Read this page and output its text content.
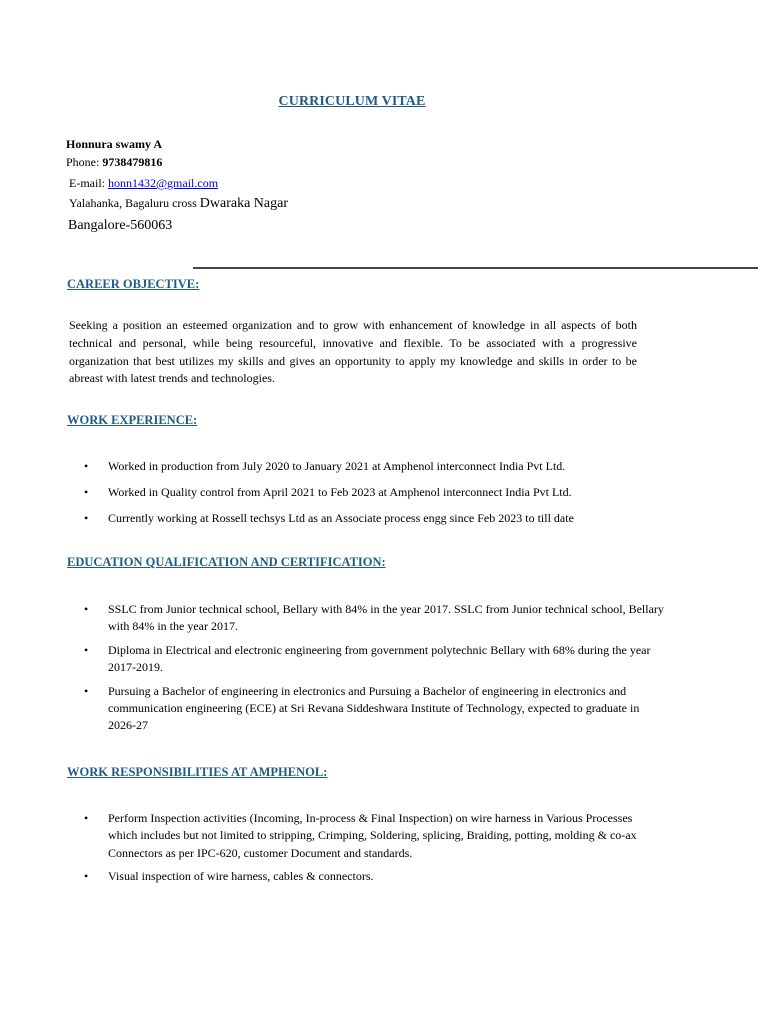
CURRICULUM VITAE
Honnura swamy A
Phone: 9738479816
E-mail: honn1432@gmail.com
Yalahanka, Bagaluru cross Dwaraka Nagar
Bangalore-560063
CAREER OBJECTIVE:
Seeking a position an esteemed organization and to grow with enhancement of knowledge in all aspects of both technical and personal, while being resourceful, innovative and flexible. To be associated with a progressive organization that best utilizes my skills and gives an opportunity to apply my knowledge and skills in order to be abreast with latest trends and technologies.
WORK EXPERIENCE:
•	Worked in production from July 2020 to January 2021 at Amphenol interconnect India Pvt Ltd.
•	Worked in Quality control from April 2021 to Feb 2023 at Amphenol interconnect India Pvt Ltd.
•	Currently working at Rossell techsys Ltd as an Associate process engg since Feb 2023 to till date
EDUCATION QUALIFICATION AND CERTIFICATION:
•	SSLC from Junior technical school, Bellary with 84% in the year 2017. SSLC from Junior technical school, Bellary with 84% in the year 2017.
•	Diploma in Electrical and electronic engineering from government polytechnic Bellary with 68% during the year 2017-2019.
•	Pursuing a Bachelor of engineering in electronics and Pursuing a Bachelor of engineering in electronics and communication engineering (ECE) at Sri Revana Siddeshwara Institute of Technology, expected to graduate in 2026-27
WORK RESPONSIBILITIES AT AMPHENOL:
•	Perform Inspection activities (Incoming, In-process & Final Inspection) on wire harness in Various Processes which includes but not limited to stripping, Crimping, Soldering, splicing, Braiding, potting, molding & co-ax Connectors as per IPC-620, customer Document and standards.
•	Visual inspection of wire harness, cables & connectors.
